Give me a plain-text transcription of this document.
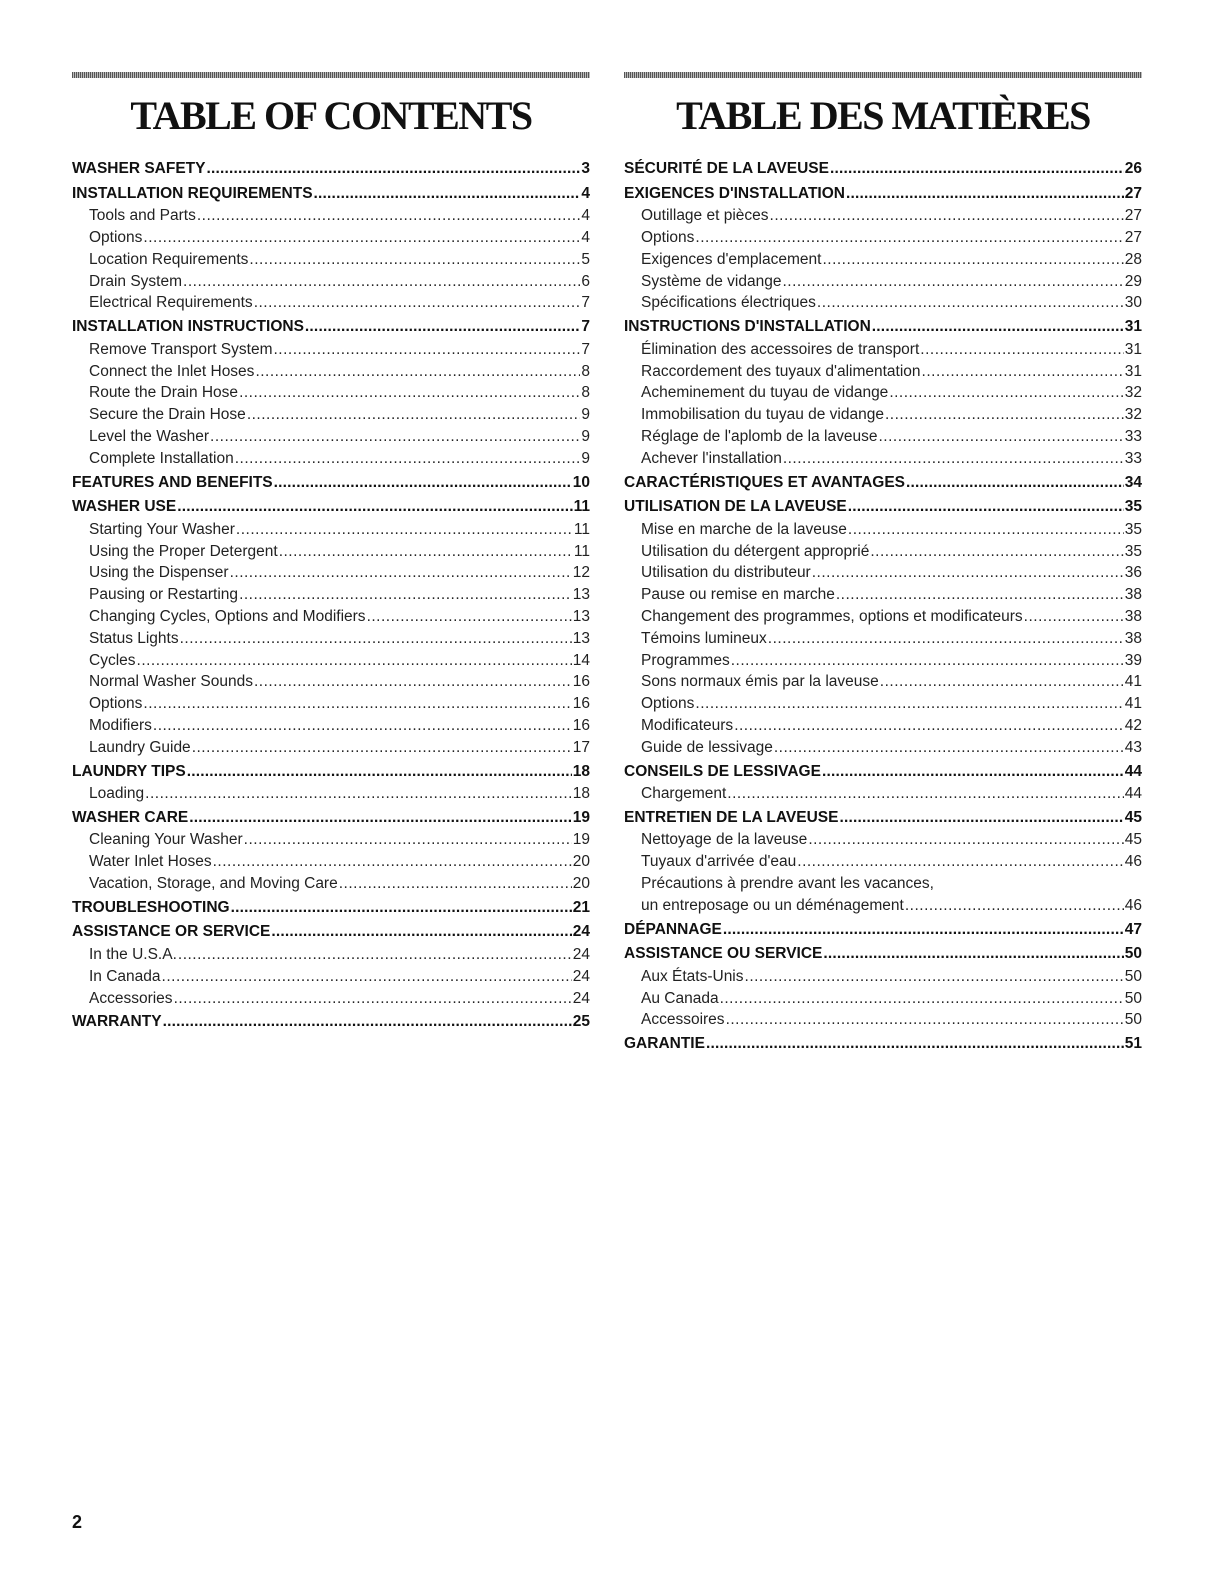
TABLE OF CONTENTS
WASHER SAFETY .....	3
INSTALLATION REQUIREMENTS .....	4
Tools and Parts .....	4
Options .....	4
Location Requirements .....	5
Drain System .....	6
Electrical Requirements .....	7
INSTALLATION INSTRUCTIONS .....	7
Remove Transport System .....	7
Connect the Inlet Hoses .....	8
Route the Drain Hose .....	8
Secure the Drain Hose .....	9
Level the Washer .....	9
Complete Installation .....	9
FEATURES AND BENEFITS .....	10
WASHER USE .....	11
Starting Your Washer .....	11
Using the Proper Detergent .....	11
Using the Dispenser .....	12
Pausing or Restarting .....	13
Changing Cycles, Options and Modifiers .....	13
Status Lights .....	13
Cycles .....	14
Normal Washer Sounds .....	16
Options .....	16
Modifiers .....	16
Laundry Guide .....	17
LAUNDRY TIPS .....	18
Loading .....	18
WASHER CARE .....	19
Cleaning Your Washer .....	19
Water Inlet Hoses .....	20
Vacation, Storage, and Moving Care .....	20
TROUBLESHOOTING .....	21
ASSISTANCE OR SERVICE .....	24
In the U.S.A. .....	24
In Canada .....	24
Accessories .....	24
WARRANTY .....	25
TABLE DES MATIÈRES
SÉCURITÉ DE LA LAVEUSE .....	26
EXIGENCES D'INSTALLATION .....	27
Outillage et pièces .....	27
Options .....	27
Exigences d'emplacement .....	28
Système de vidange .....	29
Spécifications électriques .....	30
INSTRUCTIONS D'INSTALLATION .....	31
Élimination des accessoires de transport .....	31
Raccordement des tuyaux d'alimentation .....	31
Acheminement du tuyau de vidange .....	32
Immobilisation du tuyau de vidange .....	32
Réglage de l'aplomb de la laveuse .....	33
Achever l'installation .....	33
CARACTÉRISTIQUES ET AVANTAGES .....	34
UTILISATION DE LA LAVEUSE .....	35
Mise en marche de la laveuse .....	35
Utilisation du détergent approprié .....	35
Utilisation du distributeur .....	36
Pause ou remise en marche .....	38
Changement des programmes, options et modificateurs .....	38
Témoins lumineux .....	38
Programmes .....	39
Sons normaux émis par la laveuse .....	41
Options .....	41
Modificateurs .....	42
Guide de lessivage .....	43
CONSEILS DE LESSIVAGE .....	44
Chargement .....	44
ENTRETIEN DE LA LAVEUSE .....	45
Nettoyage de la laveuse .....	45
Tuyaux d'arrivée d'eau .....	46
Précautions à prendre avant les vacances,
un entreposage ou un déménagement .....	46
DÉPANNAGE .....	47
ASSISTANCE OU SERVICE .....	50
Aux États-Unis .....	50
Au Canada .....	50
Accessoires .....	50
GARANTIE .....	51
2
